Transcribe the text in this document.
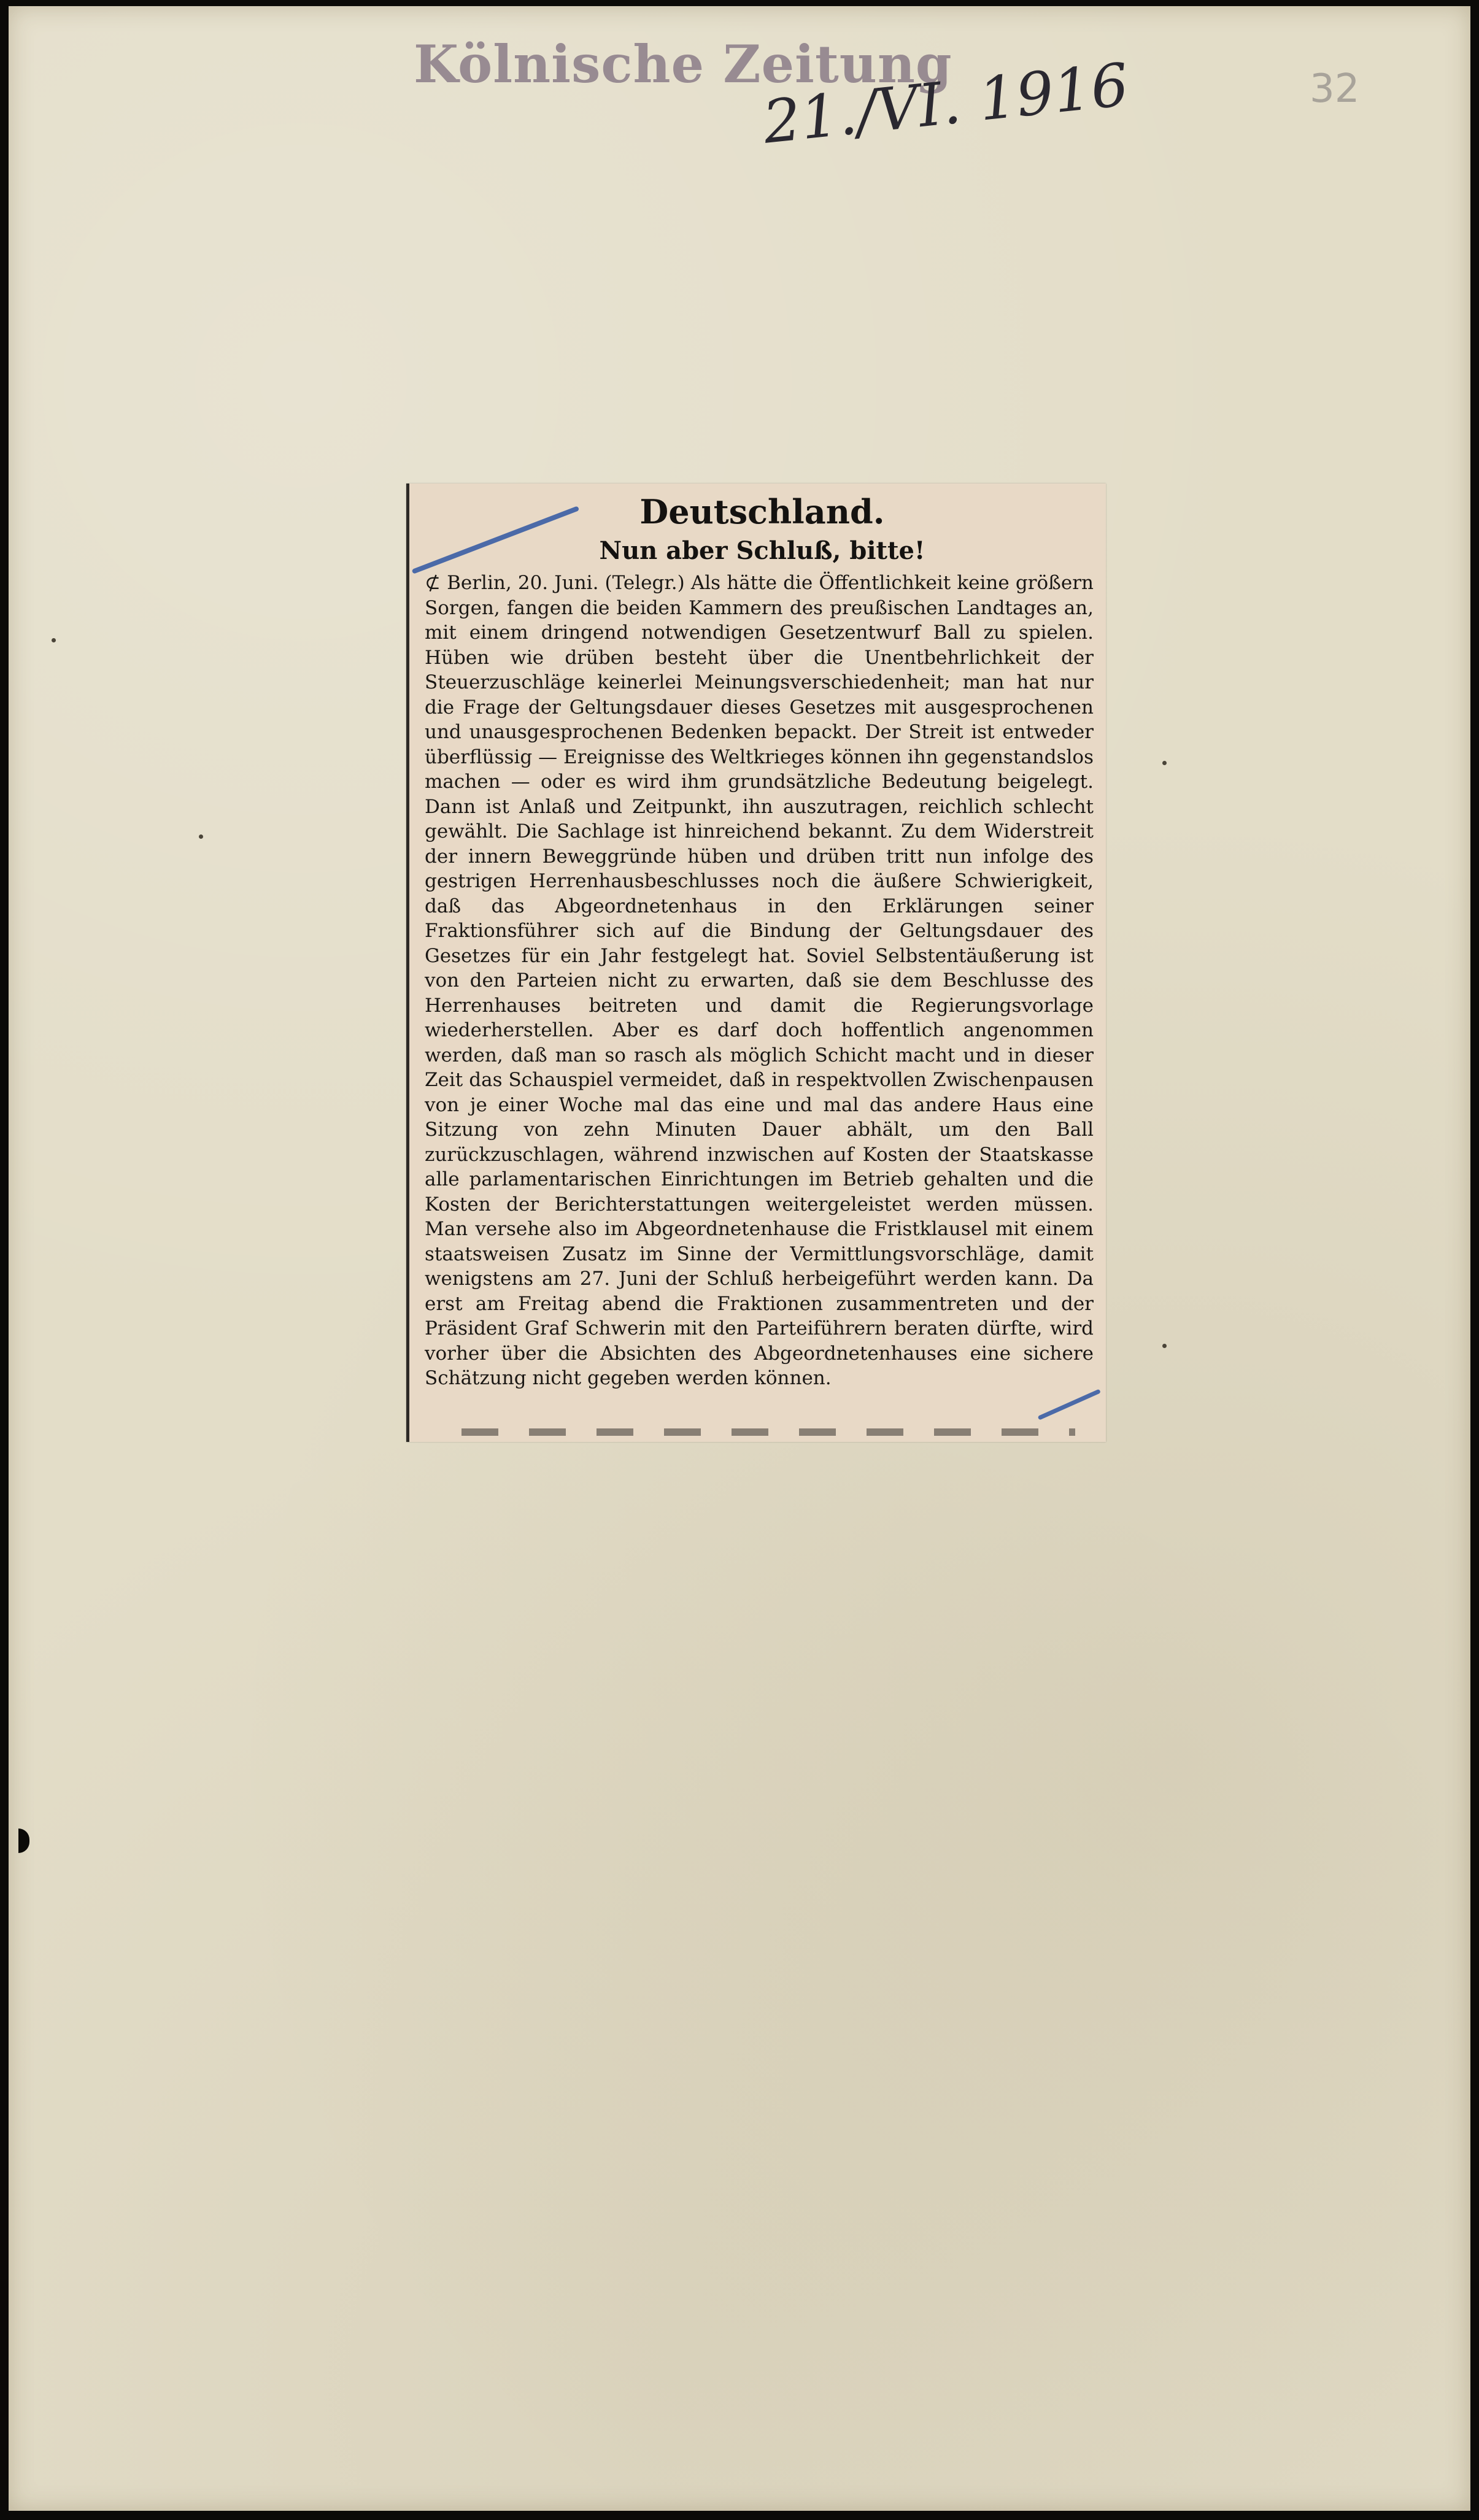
Kölnische Zeitung
21./VI. 1916	32
Deutschland.
Nun aber Schluß, bitte!

⊄ Berlin, 20. Juni. (Telegr.) Als hätte die Öffentlichkeit keine größern Sorgen, fangen die beiden Kammern des preußischen Landtages an, mit einem dringend notwendigen Gesetzentwurf Ball zu spielen. Hüben wie drüben besteht über die Unentbehrlichkeit der Steuerzuschläge keinerlei Meinungsverschiedenheit; man hat nur die Frage der Geltungsdauer dieses Gesetzes mit ausgesprochenen und unausgesprochenen Bedenken bepackt. Der Streit ist entweder überflüssig — Ereignisse des Weltkrieges können ihn gegenstandslos machen — oder es wird ihm grundsätzliche Bedeutung beigelegt. Dann ist Anlaß und Zeitpunkt, ihn auszutragen, reichlich schlecht gewählt. Die Sachlage ist hinreichend bekannt. Zu dem Widerstreit der innern Beweggründe hüben und drüben tritt nun infolge des gestrigen Herrenhausbeschlusses noch die äußere Schwierigkeit, daß das Abgeordnetenhaus in den Erklärungen seiner Fraktionsführer sich auf die Bindung der Geltungsdauer des Gesetzes für ein Jahr festgelegt hat. Soviel Selbstentäußerung ist von den Parteien nicht zu erwarten, daß sie dem Beschlusse des Herrenhauses beitreten und damit die Regierungsvorlage wiederherstellen. Aber es darf doch hoffentlich angenommen werden, daß man so rasch als möglich Schicht macht und in dieser Zeit das Schauspiel vermeidet, daß in respektvollen Zwischenpausen von je einer Woche mal das eine und mal das andere Haus eine Sitzung von zehn Minuten Dauer abhält, um den Ball zurückzuschlagen, während inzwischen auf Kosten der Staatskasse alle parlamentarischen Einrichtungen im Betrieb gehalten und die Kosten der Berichterstattungen weitergeleistet werden müssen. Man versehe also im Abgeordnetenhause die Fristklausel mit einem staatsweisen Zusatz im Sinne der Vermittlungsvorschläge, damit wenigstens am 27. Juni der Schluß herbeigeführt werden kann. Da erst am Freitag abend die Fraktionen zusammentreten und der Präsident Graf Schwerin mit den Parteiführern beraten dürfte, wird vorher über die Absichten des Abgeordnetenhauses eine sichere Schätzung nicht gegeben werden können.
